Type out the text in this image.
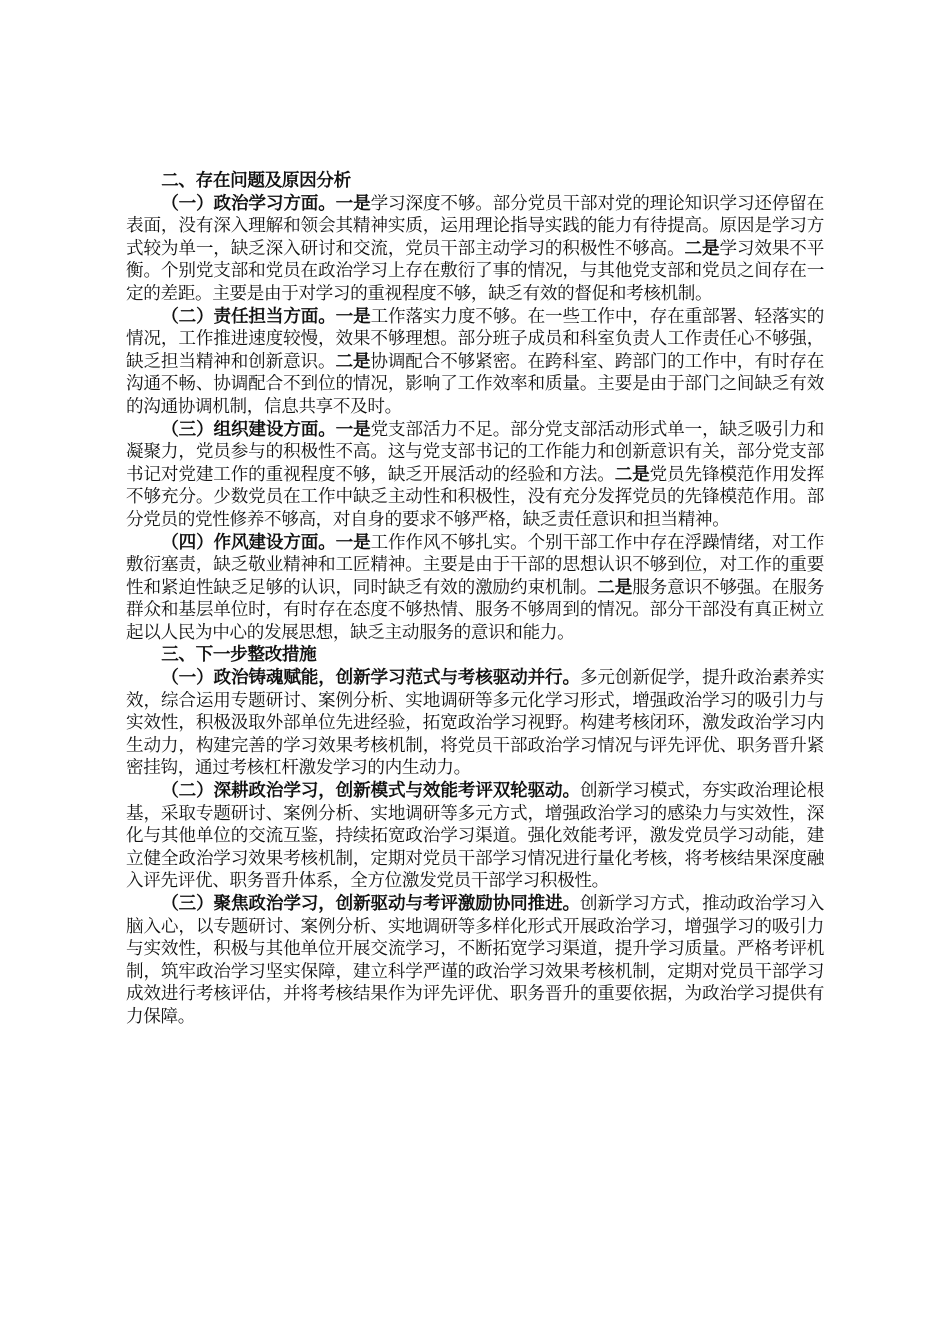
二、存在问题及原因分析

（一）政治学习方面。一是学习深度不够。部分党员干部对党的理论知识学习还停留在表面，没有深入理解和领会其精神实质，运用理论指导实践的能力有待提高。原因是学习方式较为单一，缺乏深入研讨和交流，党员干部主动学习的积极性不够高。二是学习效果不平衡。个别党支部和党员在政治学习上存在敷衍了事的情况，与其他党支部和党员之间存在一定的差距。主要是由于对学习的重视程度不够，缺乏有效的督促和考核机制。

（二）责任担当方面。一是工作落实力度不够。在一些工作中，存在重部署、轻落实的情况，工作推进速度较慢，效果不够理想。部分班子成员和科室负责人工作责任心不够强，缺乏担当精神和创新意识。二是协调配合不够紧密。在跨科室、跨部门的工作中，有时存在沟通不畅、协调配合不到位的情况，影响了工作效率和质量。主要是由于部门之间缺乏有效的沟通协调机制，信息共享不及时。

（三）组织建设方面。一是党支部活力不足。部分党支部活动形式单一，缺乏吸引力和凝聚力，党员参与的积极性不高。这与党支部书记的工作能力和创新意识有关，部分党支部书记对党建工作的重视程度不够，缺乏开展活动的经验和方法。二是党员先锋模范作用发挥不够充分。少数党员在工作中缺乏主动性和积极性，没有充分发挥党员的先锋模范作用。部分党员的党性修养不够高，对自身的要求不够严格，缺乏责任意识和担当精神。

（四）作风建设方面。一是工作作风不够扎实。个别干部工作中存在浮躁情绪，对工作敷衍塞责，缺乏敬业精神和工匠精神。主要是由于干部的思想认识不够到位，对工作的重要性和紧迫性缺乏足够的认识，同时缺乏有效的激励约束机制。二是服务意识不够强。在服务群众和基层单位时，有时存在态度不够热情、服务不够周到的情况。部分干部没有真正树立起以人民为中心的发展思想，缺乏主动服务的意识和能力。

三、下一步整改措施

（一）政治铸魂赋能，创新学习范式与考核驱动并行。多元创新促学，提升政治素养实效，综合运用专题研讨、案例分析、实地调研等多元化学习形式，增强政治学习的吸引力与实效性，积极汲取外部单位先进经验，拓宽政治学习视野。构建考核闭环，激发政治学习内生动力，构建完善的学习效果考核机制，将党员干部政治学习情况与评先评优、职务晋升紧密挂钩，通过考核杠杆激发学习的内生动力。

（二）深耕政治学习，创新模式与效能考评双轮驱动。创新学习模式，夯实政治理论根基，采取专题研讨、案例分析、实地调研等多元方式，增强政治学习的感染力与实效性，深化与其他单位的交流互鉴，持续拓宽政治学习渠道。强化效能考评，激发党员学习动能，建立健全政治学习效果考核机制，定期对党员干部学习情况进行量化考核，将考核结果深度融入评先评优、职务晋升体系，全方位激发党员干部学习积极性。

（三）聚焦政治学习，创新驱动与考评激励协同推进。创新学习方式，推动政治学习入脑入心，以专题研讨、案例分析、实地调研等多样化形式开展政治学习，增强学习的吸引力与实效性，积极与其他单位开展交流学习，不断拓宽学习渠道，提升学习质量。严格考评机制，筑牢政治学习坚实保障，建立科学严谨的政治学习效果考核机制，定期对党员干部学习成效进行考核评估，并将考核结果作为评先评优、职务晋升的重要依据，为政治学习提供有力保障。
